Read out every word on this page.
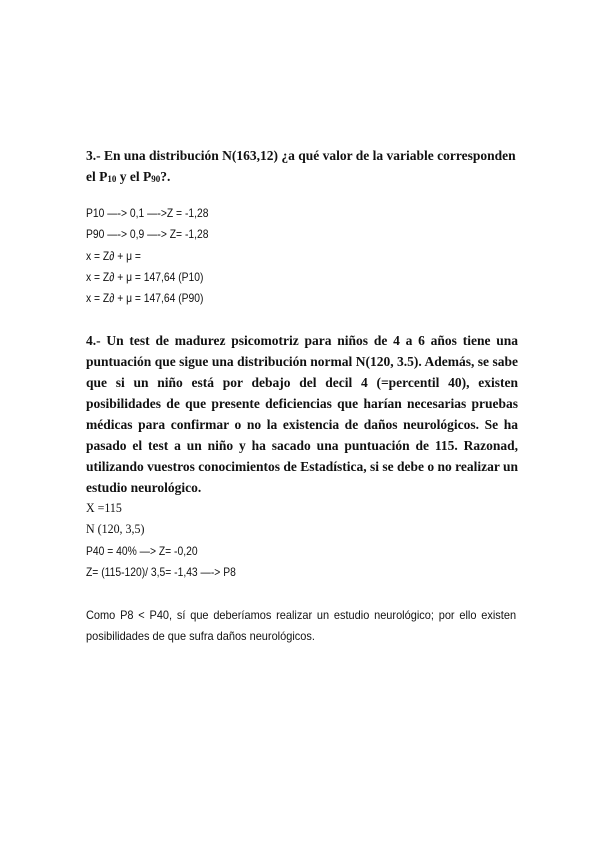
3.- En una distribución N(163,12) ¿a qué valor de la variable corresponden el $P_{10}$ y el $P_{90}$?.

P10 —-> 0,1 —->Z = -1,28
P90 —-> 0,9 —-> Z= -1,28
x = Z∂ + μ =
x = Z∂ + μ = 147,64 (P10)
x = Z∂ + μ = 147,64 (P90)

4.- Un test de madurez psicomotriz para niños de 4 a 6 años tiene una puntuación que sigue una distribución normal N(120, 3.5). Además, se sabe que si un niño está por debajo del decil 4 (=percentil 40), existen posibilidades de que presente deficiencias que harían necesarias pruebas médicas para confirmar o no la existencia de daños neurológicos. Se ha pasado el test a un niño y ha sacado una puntuación de 115. Razonad, utilizando vuestros conocimientos de Estadística, si se debe o no realizar un estudio neurológico.

X =115
N (120, 3,5)
P40 = 40% —> Z= -0,20
Z= (115-120)/ 3,5= -1,43 —-> P8

Como P8 < P40, sí que deberíamos realizar un estudio neurológico; por ello existen posibilidades de que sufra daños neurológicos.
